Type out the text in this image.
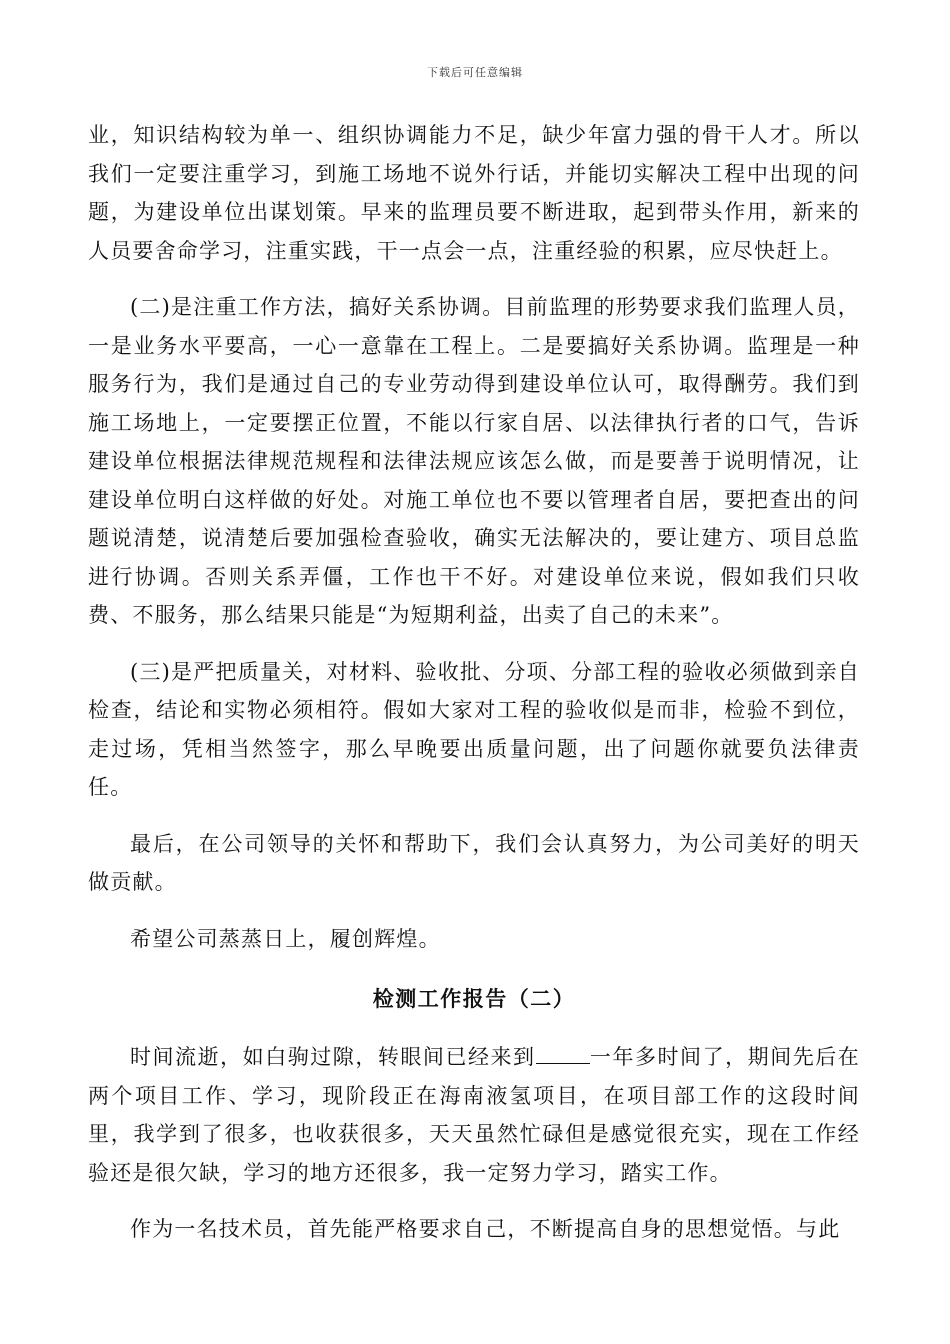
下载后可任意编辑

业，知识结构较为单一、组织协调能力不足，缺少年富力强的骨干人才。所以我们一定要注重学习，到施工场地不说外行话，并能切实解决工程中出现的问题，为建设单位出谋划策。早来的监理员要不断进取，起到带头作用，新来的人员要舍命学习，注重实践，干一点会一点，注重经验的积累，应尽快赶上。

(二)是注重工作方法，搞好关系协调。目前监理的形势要求我们监理人员，一是业务水平要高，一心一意靠在工程上。二是要搞好关系协调。监理是一种服务行为，我们是通过自己的专业劳动得到建设单位认可，取得酬劳。我们到施工场地上，一定要摆正位置，不能以行家自居、以法律执行者的口气，告诉建设单位根据法律规范规程和法律法规应该怎么做，而是要善于说明情况，让建设单位明白这样做的好处。对施工单位也不要以管理者自居，要把查出的问题说清楚，说清楚后要加强检查验收，确实无法解决的，要让建方、项目总监进行协调。否则关系弄僵，工作也干不好。对建设单位来说，假如我们只收费、不服务，那么结果只能是“为短期利益，出卖了自己的未来”。

(三)是严把质量关，对材料、验收批、分项、分部工程的验收必须做到亲自检查，结论和实物必须相符。假如大家对工程的验收似是而非，检验不到位，走过场，凭相当然签字，那么早晚要出质量问题，出了问题你就要负法律责任。

最后，在公司领导的关怀和帮助下，我们会认真努力，为公司美好的明天做贡献。

希望公司蒸蒸日上，履创辉煌。

检测工作报告（二）

时间流逝，如白驹过隙，转眼间已经来到	一年多时间了，期间先后在两个项目工作、学习，现阶段正在海南液氢项目，在项目部工作的这段时间里，我学到了很多，也收获很多，天天虽然忙碌但是感觉很充实，现在工作经验还是很欠缺，学习的地方还很多，我一定努力学习，踏实工作。

作为一名技术员，首先能严格要求自己，不断提高自身的思想觉悟。与此
